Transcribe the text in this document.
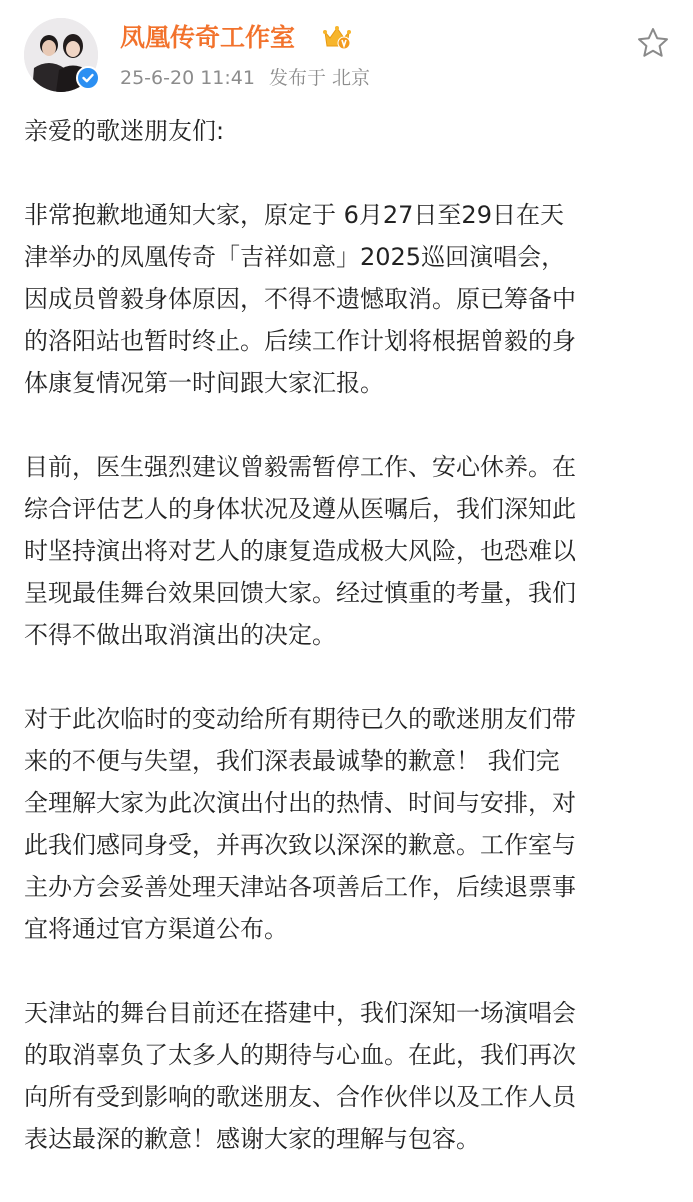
凤凰传奇工作室
25-6-20 11:41 发布于 北京
亲爱的歌迷朋友们:
非常抱歉地通知大家，原定于 6月27日至29日在天
津举办的凤凰传奇「吉祥如意」2025巡回演唱会，
因成员曾毅身体原因，不得不遗憾取消。原已筹备中
的洛阳站也暂时终止。后续工作计划将根据曾毅的身
体康复情况第一时间跟大家汇报。
目前，医生强烈建议曾毅需暂停工作、安心休养。在
综合评估艺人的身体状况及遵从医嘱后，我们深知此
时坚持演出将对艺人的康复造成极大风险，也恐难以
呈现最佳舞台效果回馈大家。经过慎重的考量，我们
不得不做出取消演出的决定。
对于此次临时的变动给所有期待已久的歌迷朋友们带
来的不便与失望，我们深表最诚挚的歉意！ 我们完
全理解大家为此次演出付出的热情、时间与安排，对
此我们感同身受，并再次致以深深的歉意。工作室与
主办方会妥善处理天津站各项善后工作，后续退票事
宜将通过官方渠道公布。
天津站的舞台目前还在搭建中，我们深知一场演唱会
的取消辜负了太多人的期待与心血。在此，我们再次
向所有受到影响的歌迷朋友、合作伙伴以及工作人员
表达最深的歉意！感谢大家的理解与包容。
